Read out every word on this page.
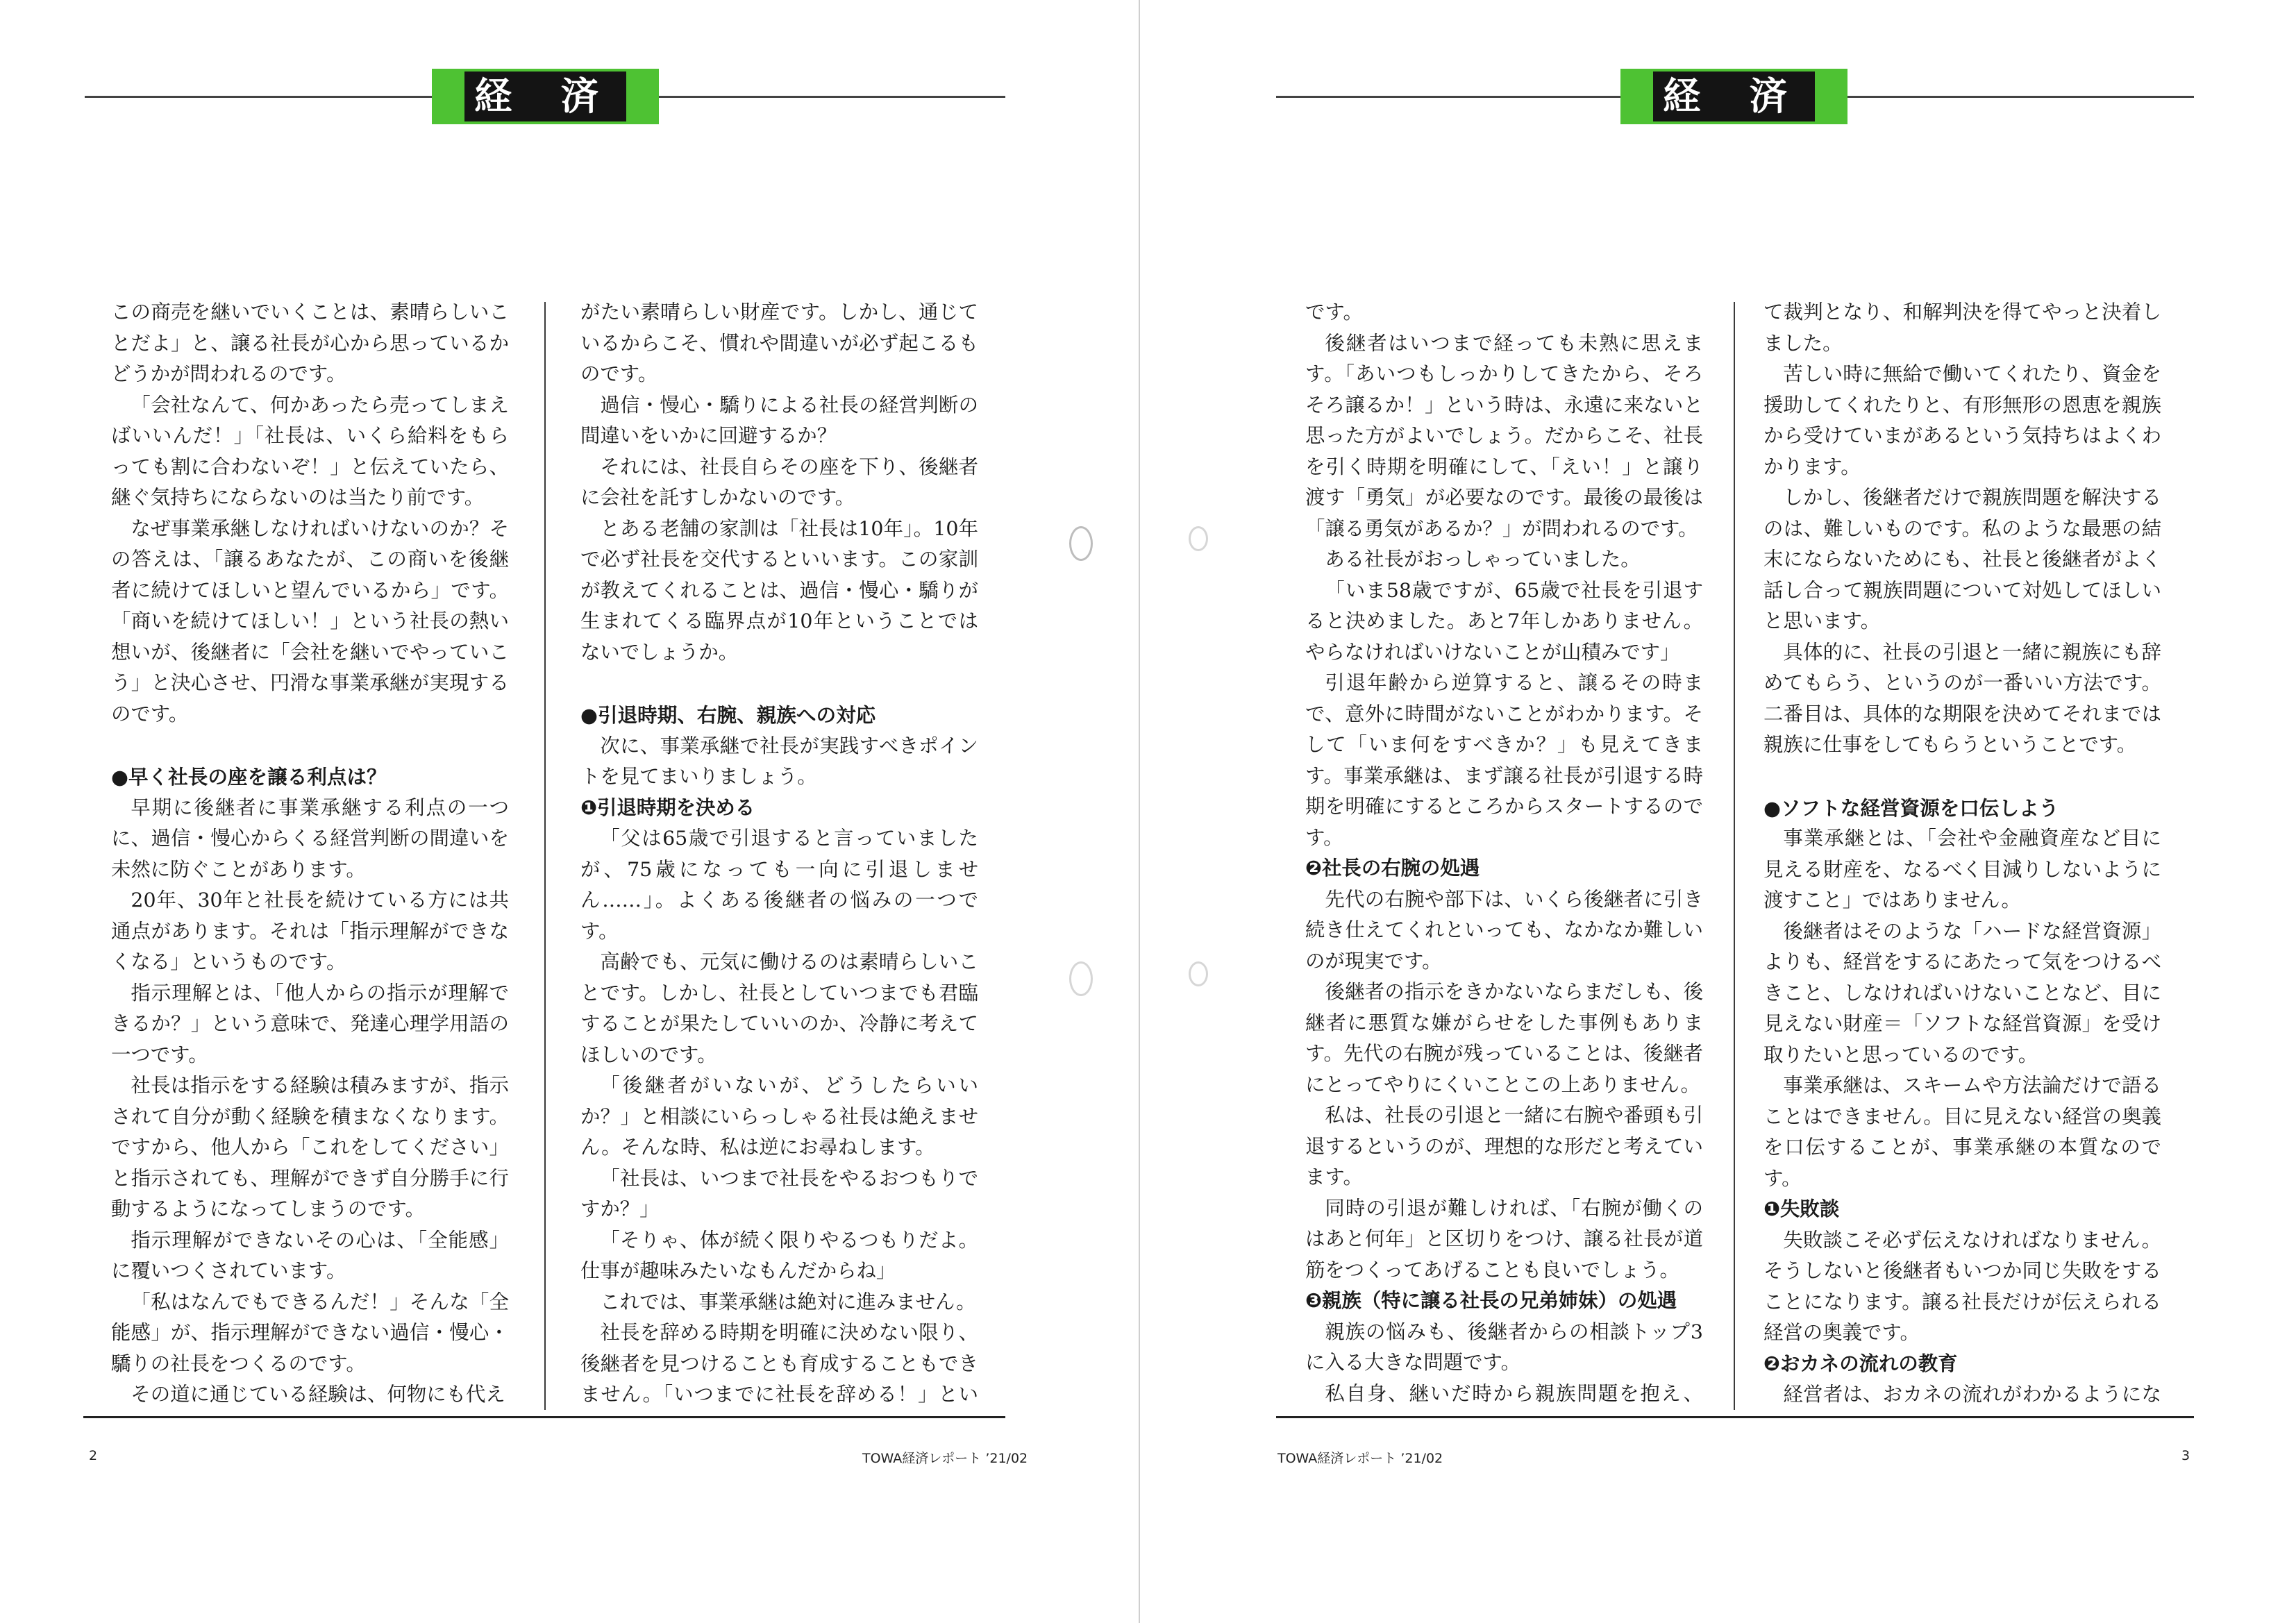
経 済

この商売を継いでいくことは、素晴らしいことだよ」と、譲る社長が心から思っているかどうかが問われるのです。

「会社なんて、何かあったら売ってしまえばいいんだ！」「社長は、いくら給料をもらっても割に合わないぞ！」と伝えていたら、継ぐ気持ちにならないのは当たり前です。

なぜ事業承継しなければいけないのか？その答えは、「譲るあなたが、この商いを後継者に続けてほしいと望んでいるから」です。「商いを続けてほしい！」という社長の熱い想いが、後継者に「会社を継いでやっていこう」と決心させ、円滑な事業承継が実現するのです。

●早く社長の座を譲る利点は？

早期に後継者に事業承継する利点の一つに、過信・慢心からくる経営判断の間違いを未然に防ぐことがあります。

20年、30年と社長を続けている方には共通点があります。それは「指示理解ができなくなる」というものです。

指示理解とは、「他人からの指示が理解できるか？」という意味で、発達心理学用語の一つです。

社長は指示をする経験は積みますが、指示されて自分が動く経験を積まなくなります。ですから、他人から「これをしてください」と指示されても、理解ができず自分勝手に行動するようになってしまうのです。

指示理解ができないその心は、「全能感」に覆いつくされています。

「私はなんでもできるんだ！」そんな「全能感」が、指示理解ができない過信・慢心・驕りの社長をつくるのです。

その道に通じている経験は、何物にも代え

がたい素晴らしい財産です。しかし、通じているからこそ、慣れや間違いが必ず起こるものです。

過信・慢心・驕りによる社長の経営判断の間違いをいかに回避するか？

それには、社長自らその座を下り、後継者に会社を託すしかないのです。

とある老舗の家訓は「社長は10年」。10年で必ず社長を交代するといいます。この家訓が教えてくれることは、過信・慢心・驕りが生まれてくる臨界点が10年ということではないでしょうか。

●引退時期、右腕、親族への対応

次に、事業承継で社長が実践すべきポイントを見てまいりましょう。

❶引退時期を決める

「父は65歳で引退すると言っていましたが、75歳になっても一向に引退しません……」。よくある後継者の悩みの一つです。

高齢でも、元気に働けるのは素晴らしいことです。しかし、社長としていつまでも君臨することが果たしていいのか、冷静に考えてほしいのです。

「後継者がいないが、どうしたらいいか？」と相談にいらっしゃる社長は絶えません。そんな時、私は逆にお尋ねします。

「社長は、いつまで社長をやるおつもりですか？」

「そりゃ、体が続く限りやるつもりだよ。仕事が趣味みたいなもんだからね」

これでは、事業承継は絶対に進みません。

社長を辞める時期を明確に決めない限り、後継者を見つけることも育成することもできません。「いつまでに社長を辞める！」とい

2	TOWA経済レポート ’21/02
経 済

です。

後継者はいつまで経っても未熟に思えます。「あいつもしっかりしてきたから、そろそろ譲るか！」という時は、永遠に来ないと思った方がよいでしょう。だからこそ、社長を引く時期を明確にして、「えい！」と譲り渡す「勇気」が必要なのです。最後の最後は「譲る勇気があるか？」が問われるのです。

ある社長がおっしゃっていました。

「いま58歳ですが、65歳で社長を引退すると決めました。あと7年しかありません。やらなければいけないことが山積みです」

引退年齢から逆算すると、譲るその時まで、意外に時間がないことがわかります。そして「いま何をすべきか？」も見えてきます。事業承継は、まず譲る社長が引退する時期を明確にするところからスタートするのです。

❷社長の右腕の処遇

先代の右腕や部下は、いくら後継者に引き続き仕えてくれといっても、なかなか難しいのが現実です。

後継者の指示をきかないならまだしも、後継者に悪質な嫌がらせをした事例もあります。先代の右腕が残っていることは、後継者にとってやりにくいことこの上ありません。

私は、社長の引退と一緒に右腕や番頭も引退するというのが、理想的な形だと考えています。

同時の引退が難しければ、「右腕が働くのはあと何年」と区切りをつけ、譲る社長が道筋をつくってあげることも良いでしょう。

❸親族（特に譲る社長の兄弟姉妹）の処遇

親族の悩みも、後継者からの相談トップ3に入る大きな問題です。

私自身、継いだ時から親族問題を抱え、

て裁判となり、和解判決を得てやっと決着しました。

苦しい時に無給で働いてくれたり、資金を援助してくれたりと、有形無形の恩恵を親族から受けていまがあるという気持ちはよくわかります。

しかし、後継者だけで親族問題を解決するのは、難しいものです。私のような最悪の結末にならないためにも、社長と後継者がよく話し合って親族問題について対処してほしいと思います。

具体的に、社長の引退と一緒に親族にも辞めてもらう、というのが一番いい方法です。二番目は、具体的な期限を決めてそれまでは親族に仕事をしてもらうということです。

●ソフトな経営資源を口伝しよう

事業承継とは、「会社や金融資産など目に見える財産を、なるべく目減りしないように渡すこと」ではありません。

後継者はそのような「ハードな経営資源」よりも、経営をするにあたって気をつけるべきこと、しなければいけないことなど、目に見えない財産＝「ソフトな経営資源」を受け取りたいと思っているのです。

事業承継は、スキームや方法論だけで語ることはできません。目に見えない経営の奥義を口伝することが、事業承継の本質なのです。

❶失敗談

失敗談こそ必ず伝えなければなりません。そうしないと後継者もいつか同じ失敗をすることになります。譲る社長だけが伝えられる経営の奥義です。

❷おカネの流れの教育

経営者は、おカネの流れがわかるようにな

TOWA経済レポート ’21/02	3
